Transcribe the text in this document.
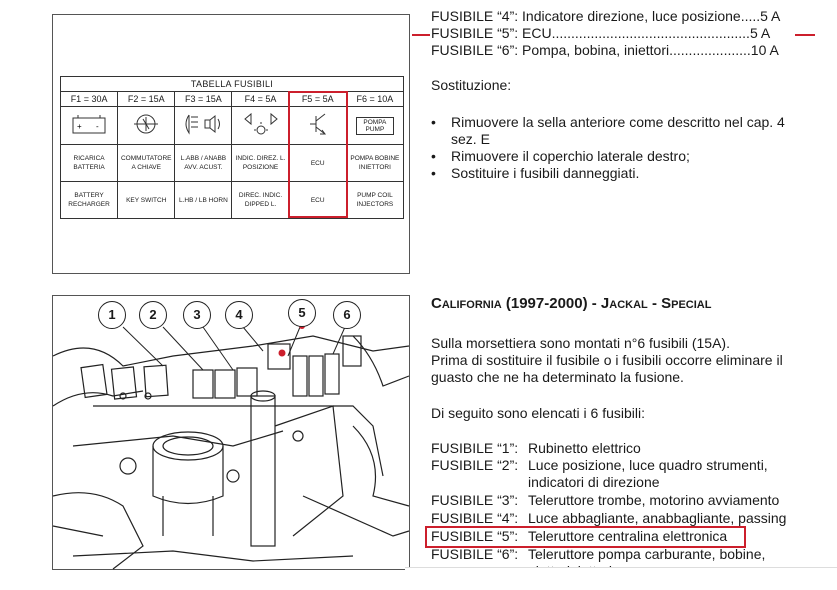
FUSIBILE “4”: Indicatore direzione, luce posizione.....5 A
FUSIBILE “5”: ECU...................................................5 A
FUSIBILE “6”: Pompa, bobina, iniettori.....................10 A
TABELLA FUSIBILI					
F1 = 30A	F2 = 15A	F3 = 15A	F4 = 5A	F5 = 5A	F6 = 10A

+ -					POMPA PUMP
RICARICA BATTERIA	COMMUTATORE A CHIAVE	L.ABB / ANABB AVV. ACUST.	INDIC. DIREZ. L. POSIZIONE	ECU	POMPA BOBINE INIETTORI
BATTERY RECHARGER	KEY SWITCH	L.HB / LB HORN	DIREC. INDIC. DIPPED L.	ECU	PUMP COIL INJECTORS
Sostituzione:
• Rimuovere la sella anteriore come descritto nel cap. 4 sez. E
• Rimuovere il coperchio laterale destro;
• Sostituire i fusibili danneggiati.
1	2	3	4	5	6
California (1997-2000) - Jackal - Special
Sulla morsettiera sono montati n°6 fusibili (15A).
Prima di sostituire il fusibile o i fusibili occorre eliminare il
guasto che ne ha determinato la fusione.
Di seguito sono elencati i 6 fusibili:
FUSIBILE “1”: Rubinetto elettrico
FUSIBILE “2”: Luce posizione, luce quadro strumenti,
indicatori di direzione
FUSIBILE “3”: Teleruttore trombe, motorino avviamento
FUSIBILE “4”: Luce abbagliante, anabbagliante, passing
FUSIBILE “5”: Teleruttore centralina elettronica
FUSIBILE “6”: Teleruttore pompa carburante, bobine,
